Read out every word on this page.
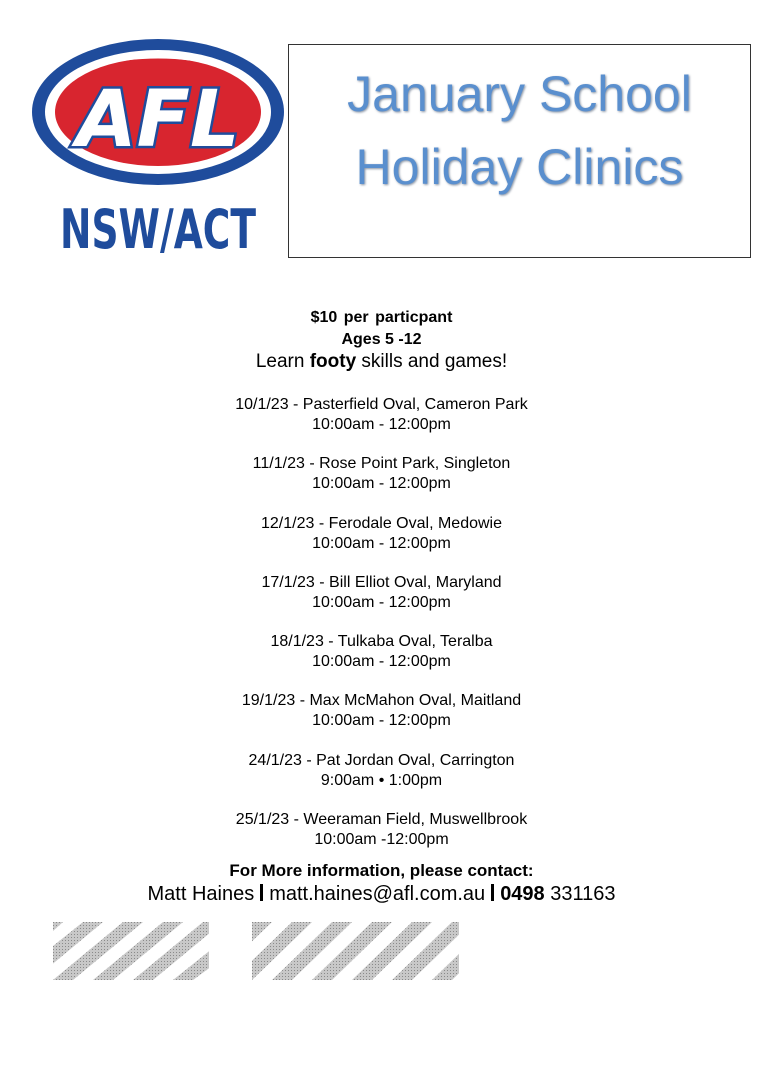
AFL
NSW/ACT
January School
Holiday Clinics
$10 per particpant
Ages 5 -12
Learn footy skills and games!
10/1/23 - Pasterfield Oval, Cameron Park
10:00am - 12:00pm
11/1/23 - Rose Point Park, Singleton
10:00am - 12:00pm
12/1/23 - Ferodale Oval, Medowie
10:00am - 12:00pm
17/1/23 - Bill Elliot Oval, Maryland
10:00am - 12:00pm
18/1/23 - Tulkaba Oval, Teralba
10:00am - 12:00pm
19/1/23 - Max McMahon Oval, Maitland
10:00am - 12:00pm
24/1/23 - Pat Jordan Oval, Carrington
9:00am • 1:00pm
25/1/23 - Weeraman Field, Muswellbrook
10:00am -12:00pm
For More information, please contact:
Matt Haines matt.haines@afl.com.au 0498 331163
